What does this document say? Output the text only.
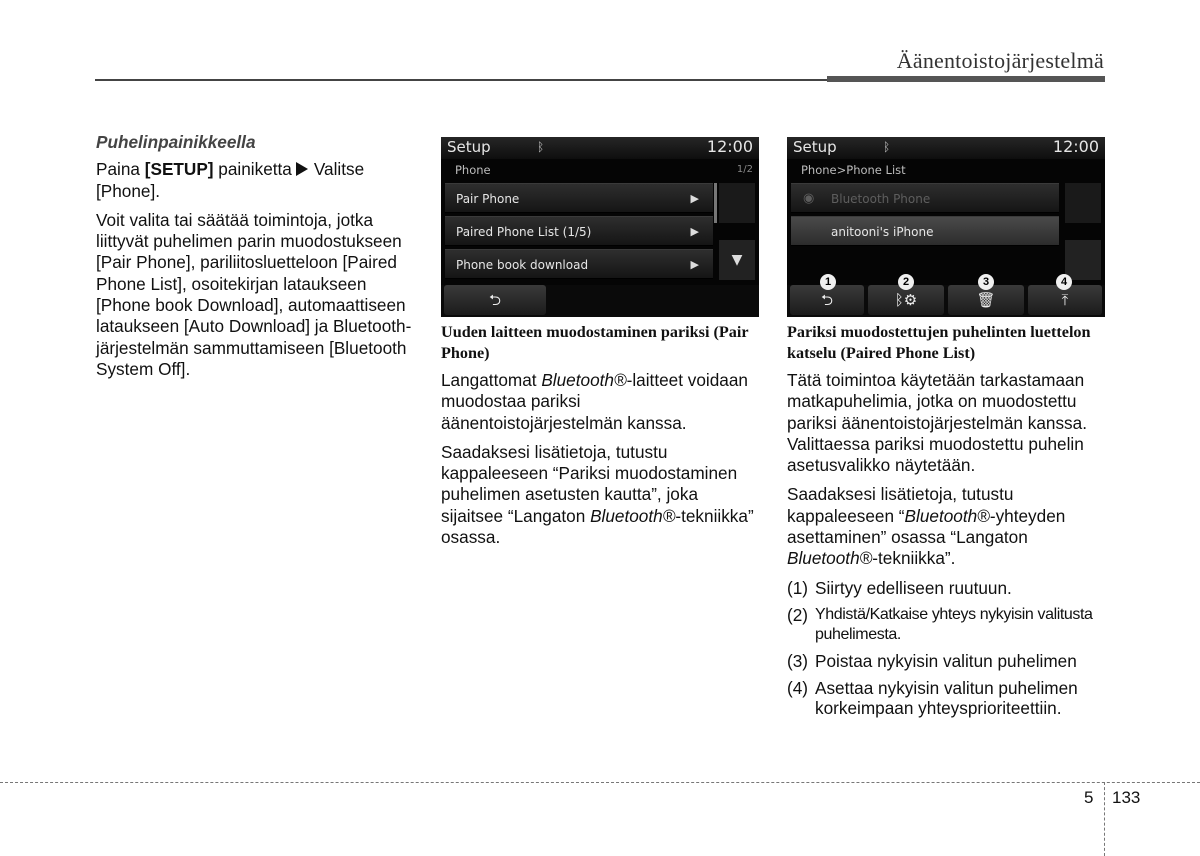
Äänentoistojärjestelmä

Puhelinpainikkeella

Paina [SETUP] painiketta Valitse [Phone].

Voit valita tai säätää toimintoja, jotka liittyvät puhelimen parin muodostukseen [Pair Phone], pariliitosluetteloon [Paired Phone List], osoitekirjan lataukseen [Phone book Download], automaattiseen lataukseen [Auto Download] ja Bluetooth-järjestelmän sammuttamiseen [Bluetooth System Off].

Setup	ᛒ	12:00
Phone	1/2
Pair Phone	▶
Paired Phone List (1/5)	▶
Phone book download	▶	▼
⮌
Uuden laitteen muodostaminen pariksi (Pair Phone)

Langattomat Bluetooth®-laitteet voidaan muodostaa pariksi äänentoistojärjestelmän kanssa.

Saadaksesi lisätietoja, tutustu kappaleeseen “Pariksi muodostaminen puhelimen asetusten kautta”, joka sijaitsee “Langaton Bluetooth®-tekniikka” osassa.

Setup	ᛒ	12:00
Phone>Phone List
◉ Bluetooth Phone
anitooni's iPhone
⮌	ᛒ⚙	🗑	⤒
1	2	3	4
Pariksi muodostettujen puhelinten luettelon katselu (Paired Phone List)

Tätä toimintoa käytetään tarkastamaan matkapuhelimia, jotka on muodostettu pariksi äänentoistojärjestelmän kanssa. Valittaessa pariksi muodostettu puhelin asetusvalikko näytetään.

Saadaksesi lisätietoja, tutustu kappaleeseen “Bluetooth®-yhteyden asettaminen” osassa “Langaton Bluetooth®-tekniikka”.

(1) Siirtyy edelliseen ruutuun.
(2) Yhdistä/Katkaise yhteys nykyisin valitusta puhelimesta.
(3) Poistaa nykyisin valitun puhelimen
(4) Asettaa nykyisin valitun puhelimen korkeimpaan yhteysprioriteettiin.
5 133
